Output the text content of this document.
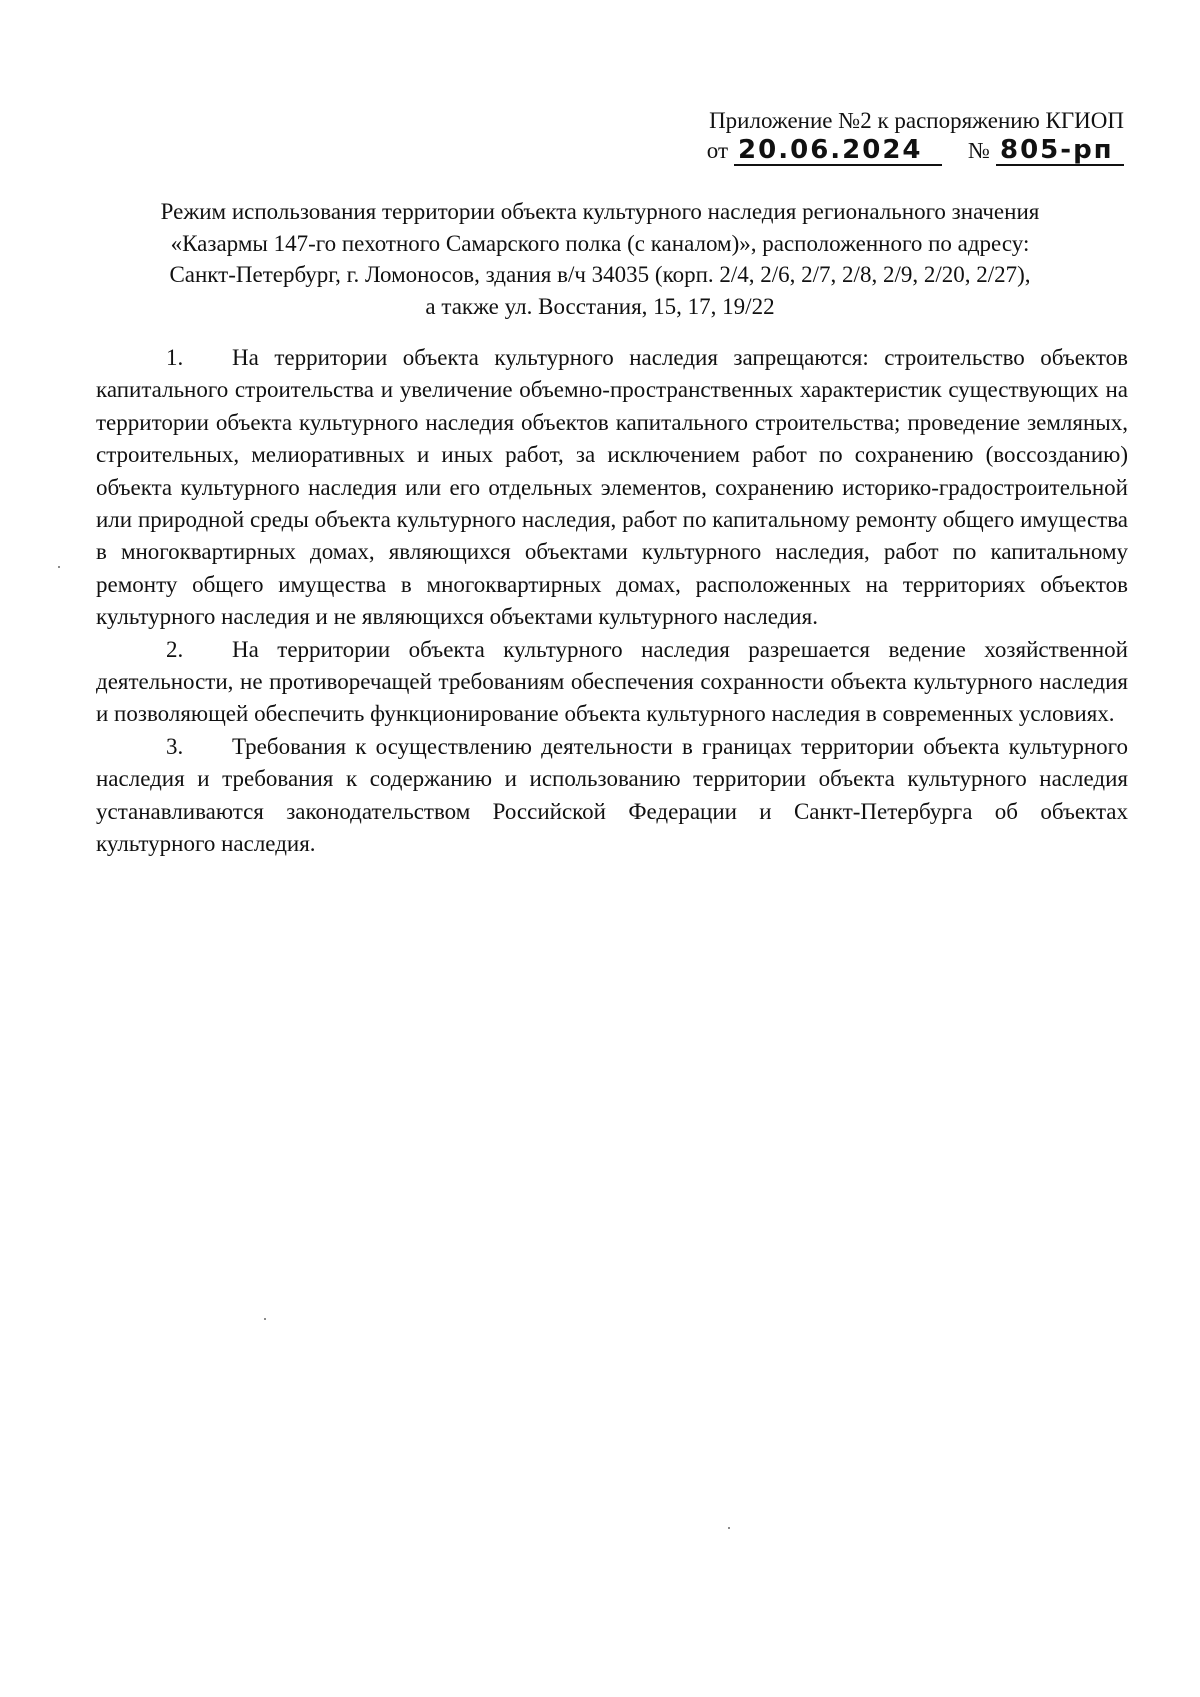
Приложение №2 к распоряжению КГИОП
от 20.06.2024	№ 805-рп
Режим использования территории объекта культурного наследия регионального значения
«Казармы 147-го пехотного Самарского полка (с каналом)», расположенного по адресу:
Санкт-Петербург, г. Ломоносов, здания в/ч 34035 (корп. 2/4, 2/6, 2/7, 2/8, 2/9, 2/20, 2/27),
а также ул. Восстания, 15, 17, 19/22

1. На территории объекта культурного наследия запрещаются: строительство объектов капитального строительства и увеличение объемно-пространственных характеристик существующих на территории объекта культурного наследия объектов капитального строительства; проведение земляных, строительных, мелиоративных и иных работ, за исключением работ по сохранению (воссозданию) объекта культурного наследия или его отдельных элементов, сохранению историко-градостроительной или природной среды объекта культурного наследия, работ по капитальному ремонту общего имущества в многоквартирных домах, являющихся объектами культурного наследия, работ по капитальному ремонту общего имущества в многоквартирных домах, расположенных на территориях объектов культурного наследия и не являющихся объектами культурного наследия.

2. На территории объекта культурного наследия разрешается ведение хозяйственной деятельности, не противоречащей требованиям обеспечения сохранности объекта культурного наследия и позволяющей обеспечить функционирование объекта культурного наследия в современных условиях.

3. Требования к осуществлению деятельности в границах территории объекта культурного наследия и требования к содержанию и использованию территории объекта культурного наследия устанавливаются законодательством Российской Федерации и Санкт-Петербурга об объектах культурного наследия.
